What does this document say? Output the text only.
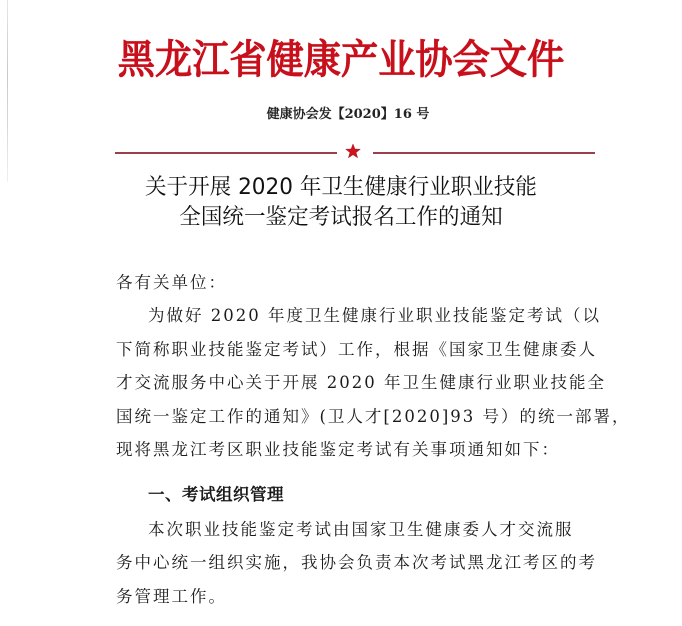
黑龙江省健康产业协会文件
健康协会发【2020】16 号
关于开展 2020 年卫生健康行业职业技能
全国统一鉴定考试报名工作的通知
各有关单位：
为做好 2020 年度卫生健康行业职业技能鉴定考试（以
下简称职业技能鉴定考试）工作，根据《国家卫生健康委人
才交流服务中心关于开展 2020 年卫生健康行业职业技能全
国统一鉴定工作的通知》(卫人才[2020]93 号）的统一部署，
现将黑龙江考区职业技能鉴定考试有关事项通知如下：
一、考试组织管理
本次职业技能鉴定考试由国家卫生健康委人才交流服
务中心统一组织实施，我协会负责本次考试黑龙江考区的考
务管理工作。
